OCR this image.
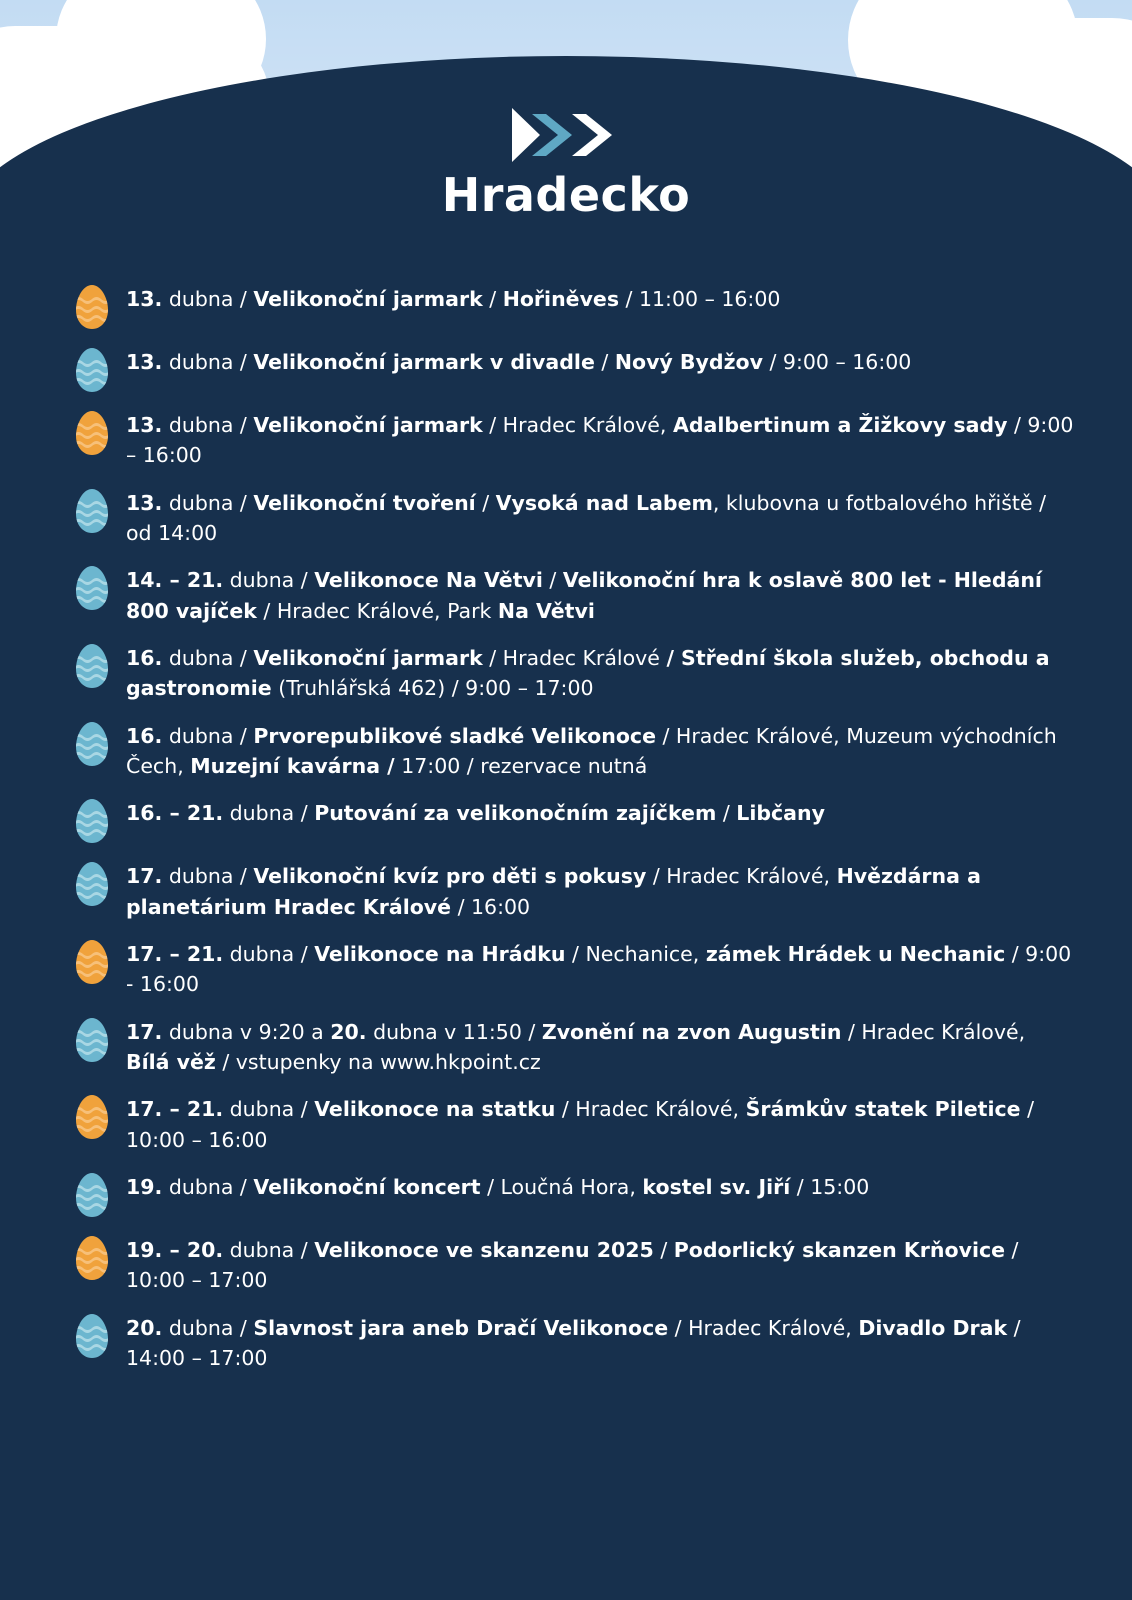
Hradecko
13. dubna / Velikonoční jarmark / Hořiněves / 11:00 – 16:00
13. dubna / Velikonoční jarmark v divadle / Nový Bydžov / 9:00 – 16:00
13. dubna / Velikonoční jarmark / Hradec Králové, Adalbertinum a Žižkovy sady / 9:00 – 16:00
13. dubna / Velikonoční tvoření / Vysoká nad Labem, klubovna u fotbalového hřiště / od 14:00
14. – 21. dubna / Velikonoce Na Větvi / Velikonoční hra k oslavě 800 let - Hledání 800 vajíček / Hradec Králové, Park Na Větvi
16. dubna / Velikonoční jarmark / Hradec Králové / Střední škola služeb, obchodu a gastronomie (Truhlářská 462) / 9:00 – 17:00
16. dubna / Prvorepublikové sladké Velikonoce / Hradec Králové, Muzeum východních Čech, Muzejní kavárna / 17:00 / rezervace nutná
16. – 21. dubna / Putování za velikonočním zajíčkem / Libčany
17. dubna / Velikonoční kvíz pro děti s pokusy / Hradec Králové, Hvězdárna a planetárium Hradec Králové / 16:00
17. – 21. dubna / Velikonoce na Hrádku / Nechanice, zámek Hrádek u Nechanic / 9:00 - 16:00
17. dubna v 9:20 a 20. dubna v 11:50 / Zvonění na zvon Augustin / Hradec Králové, Bílá věž / vstupenky na www.hkpoint.cz
17. – 21. dubna / Velikonoce na statku / Hradec Králové, Šrámkův statek Piletice / 10:00 – 16:00
19. dubna / Velikonoční koncert / Loučná Hora, kostel sv. Jiří / 15:00
19. – 20. dubna / Velikonoce ve skanzenu 2025 / Podorlický skanzen Krňovice / 10:00 – 17:00
20. dubna / Slavnost jara aneb Dračí Velikonoce / Hradec Králové, Divadlo Drak / 14:00 – 17:00
